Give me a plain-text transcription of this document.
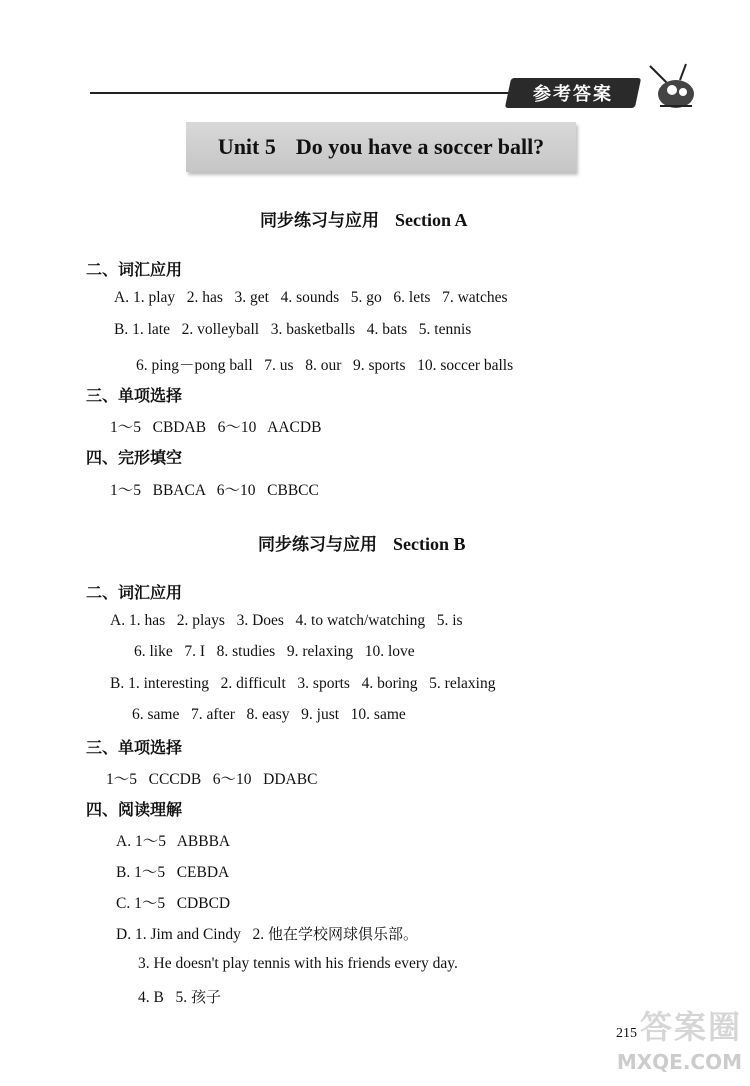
参考答案
Unit 5 Do you have a soccer ball?
同步练习与应用 Section A
二、词汇应用
A. 1. play   2. has   3. get   4. sounds   5. go   6. lets   7. watches
B. 1. late   2. volleyball   3. basketballs   4. bats   5. tennis
6. ping－pong ball   7. us   8. our   9. sports   10. soccer balls
三、单项选择
1～5   CBDAB   6～10   AACDB
四、完形填空
1～5   BBACA   6～10   CBBCC
同步练习与应用 Section B
二、词汇应用
A. 1. has   2. plays   3. Does   4. to watch/watching   5. is
6. like   7. I   8. studies   9. relaxing   10. love
B. 1. interesting   2. difficult   3. sports   4. boring   5. relaxing
6. same   7. after   8. easy   9. just   10. same
三、单项选择
1～5   CCCDB   6～10   DDABC
四、阅读理解
A. 1～5   ABBBA
B. 1～5   CEBDA
C. 1～5   CDBCD
D. 1. Jim and Cindy   2. 他在学校网球俱乐部。
3. He doesn't play tennis with his friends every day.
4. B   5. 孩子
答案圈
MXQE.COM
215
